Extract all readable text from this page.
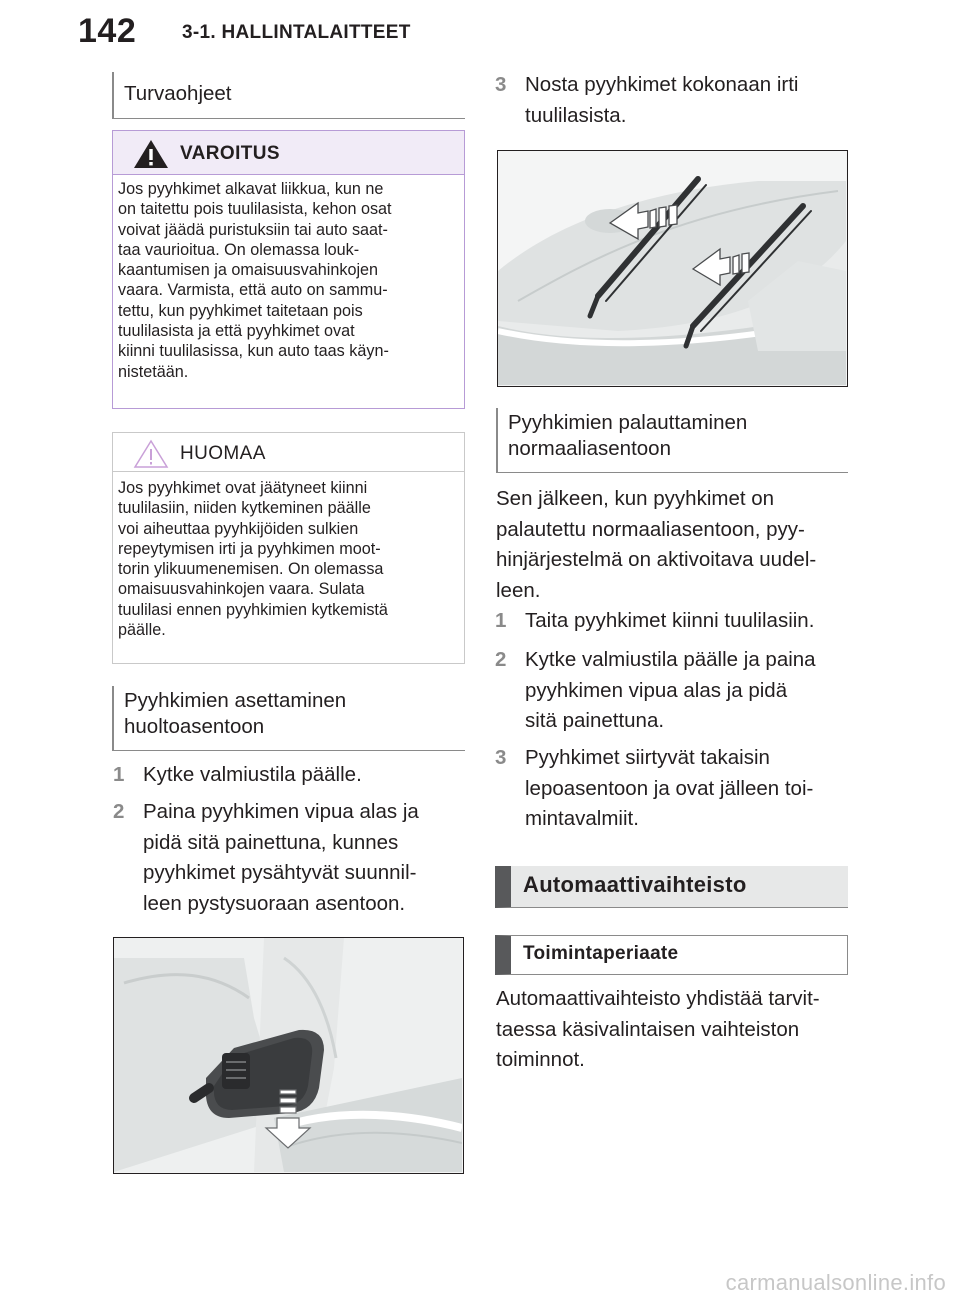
142 3-1. HALLINTALAITTEET
Turvaohjeet
VAROITUS
Jos pyyhkimet alkavat liikkua, kun ne
on taitettu pois tuulilasista, kehon osat
voivat jäädä puristuksiin tai auto saat-
taa vaurioitua. On olemassa louk-
kaantumisen ja omaisuusvahinkojen
vaara. Varmista, että auto on sammu-
tettu, kun pyyhkimet taitetaan pois
tuulilasista ja että pyyhkimet ovat
kiinni tuulilasissa, kun auto taas käyn-
nistetään.
HUOMAA
Jos pyyhkimet ovat jäätyneet kiinni
tuulilasiin, niiden kytkeminen päälle
voi aiheuttaa pyyhkijöiden sulkien
repeytymisen irti ja pyyhkimen moot-
torin ylikuumenemisen. On olemassa
omaisuusvahinkojen vaara. Sulata
tuulilasi ennen pyyhkimien kytkemistä
päälle.
Pyyhkimien asettaminen
huoltoasentoon
1 Kytke valmiustila päälle.
2 Paina pyyhkimen vipua alas ja
pidä sitä painettuna, kunnes
pyyhkimet pysähtyvät suunnil-
leen pystysuoraan asentoon.
3 Nosta pyyhkimet kokonaan irti
tuulilasista.
Pyyhkimien palauttaminen
normaaliasentoon
Sen jälkeen, kun pyyhkimet on
palautettu normaaliasentoon, pyy-
hinjärjestelmä on aktivoitava uudel-
leen.
1 Taita pyyhkimet kiinni tuulilasiin.
2 Kytke valmiustila päälle ja paina
pyyhkimen vipua alas ja pidä
sitä painettuna.
3 Pyyhkimet siirtyvät takaisin
lepoasentoon ja ovat jälleen toi-
mintavalmiit.
Automaattivaihteisto
Toimintaperiaate
Automaattivaihteisto yhdistää tarvit-
taessa käsivalintaisen vaihteiston
toiminnot.
carmanualsonline.info
